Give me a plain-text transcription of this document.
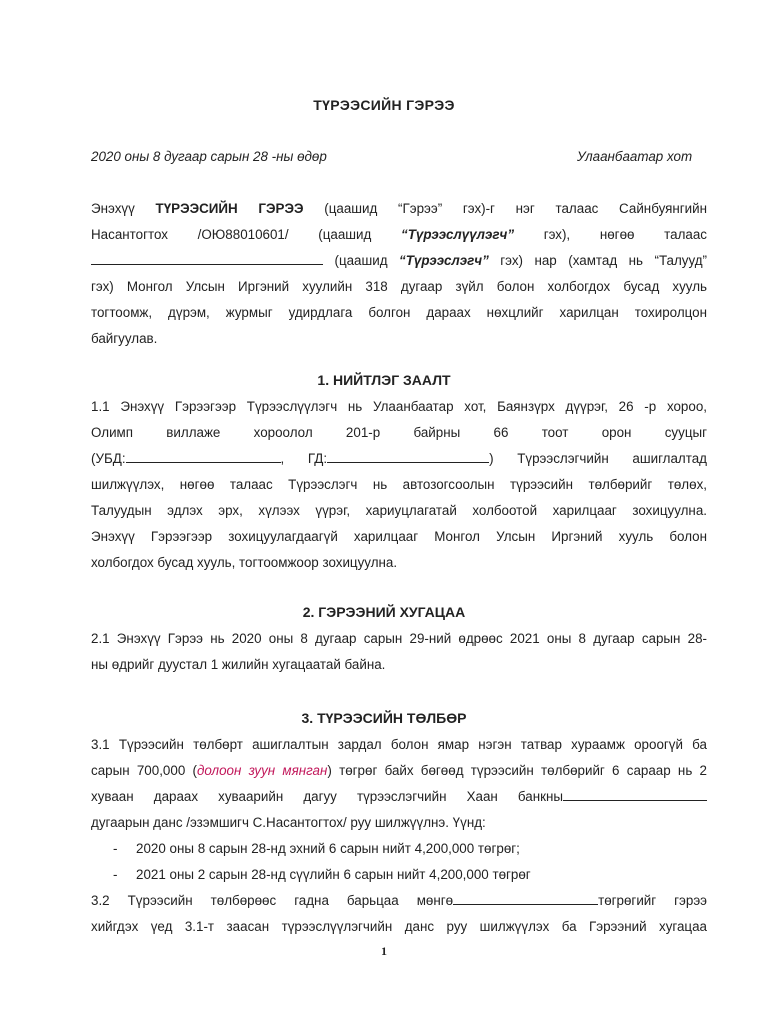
ТҮРЭЭСИЙН ГЭРЭЭ
2020 оны 8 дугаар сарын 28 -ны өдөр	Улаанбаатар хот
Энэхүү ТҮРЭЭСИЙН ГЭРЭЭ (цаашид “Гэрээ” гэх)-г нэг талаас Сайнбуянгийн
Насантогтох /ОЮ88010601/ (цаашид “Түрээслүүлэгч” гэх), нөгөө талаас
(цаашид “Түрээслэгч” гэх) нар (хамтад нь “Талууд”
гэх) Монгол Улсын Иргэний хуулийн 318 дугаар зүйл болон холбогдох бусад хууль
тогтоомж, дүрэм, журмыг удирдлага болгон дараах нөхцлийг харилцан тохиролцон
байгуулав.
1. НИЙТЛЭГ ЗААЛТ
1.1 Энэхүү Гэрээгээр Түрээслүүлэгч нь Улаанбаатар хот, Баянзүрх дүүрэг, 26 -р хороо,
Олимп виллаже хороолол 201-р байрны 66 тоот орон сууцыг
(УБД:	, ГД:	) Түрээслэгчийн ашиглалтад
шилжүүлэх, нөгөө талаас Түрээслэгч нь автозогсоолын түрээсийн төлбөрийг төлөх,
Талуудын эдлэх эрх, хүлээх үүрэг, хариуцлагатай холбоотой харилцааг зохицуулна.
Энэхүү Гэрээгээр зохицуулагдаагүй харилцааг Монгол Улсын Иргэний хууль болон
холбогдох бусад хууль, тогтоомжоор зохицуулна.
2. ГЭРЭЭНИЙ ХУГАЦАА
2.1 Энэхүү Гэрээ нь 2020 оны 8 дугаар сарын 29-ний өдрөөс 2021 оны 8 дугаар сарын 28-
ны өдрийг дуустал 1 жилийн хугацаатай байна.
3. ТҮРЭЭСИЙН ТӨЛБӨР
3.1 Түрээсийн төлбөрт ашиглалтын зардал болон ямар нэгэн татвар хураамж ороогүй ба
сарын 700,000 (долоон зуун мянган) төгрөг байх бөгөөд түрээсийн төлбөрийг 6 сараар нь 2
хуваан дараах хуваарийн дагуу түрээслэгчийн Хаан банкны
дугаарын данс /эзэмшигч С.Насантогтох/ руу шилжүүлнэ. Үүнд:
- 2020 оны 8 сарын 28-нд эхний 6 сарын нийт 4,200,000 төгрөг;
- 2021 оны 2 сарын 28-нд сүүлийн 6 сарын нийт 4,200,000 төгрөг
3.2 Түрээсийн төлбөрөөс гадна барьцаа мөнгө	төгрөгийг гэрээ
хийгдэх үед 3.1-т заасан түрээслүүлэгчийн данс руу шилжүүлэх ба Гэрээний хугацаа
1
